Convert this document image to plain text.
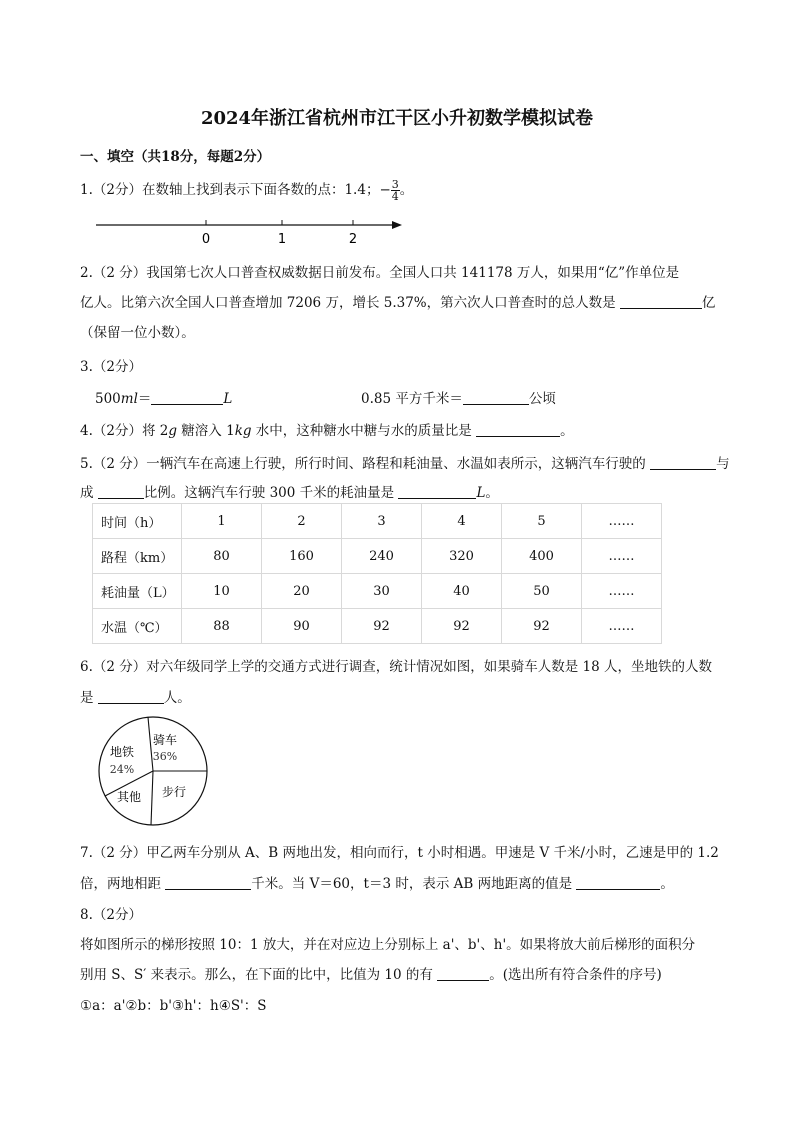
2024年浙江省杭州市江干区小升初数学模拟试卷
一、填空（共18分，每题2分）
1.（2分）在数轴上找到表示下面各数的点：1.4；− $\frac{3}{4}$ 。
0	1	2
2.（2 分）我国第七次人口普查权威数据日前发布。全国人口共 141178 万人，如果用“亿”作单位是
亿人。比第六次全国人口普查增加 7206 万，增长 5.37%，第六次人口普查时的总人数是	亿
（保留一位小数）。
3.（2分）
500ml＝	L	0.85 平方千米＝	公顷
4.（2分）将 2g 糖溶入 1kg 水中，这种糖水中糖与水的质量比是	。
5.（2 分）一辆汽车在高速上行驶，所行时间、路程和耗油量、水温如表所示，这辆汽车行驶的	与
成	比例。这辆汽车行驶 300 千米的耗油量是	L。
时间（h）	1	2	3	4	5	……
路程（km）	80	160	240	320	400	……
耗油量（L）	10	20	30	40	50	……
水温（℃）	88	90	92	92	92	……
6.（2 分）对六年级同学上学的交通方式进行调查，统计情况如图，如果骑车人数是 18 人，坐地铁的人数
是	人。
骑车
36%
地铁
24%
其他 步行
7.（2 分）甲乙两车分别从 A、B 两地出发，相向而行，t 小时相遇。甲速是 V 千米/小时，乙速是甲的 1.2
倍，两地相距	千米。当 V＝60，t＝3 时，表示 AB 两地距离的值是	。
8.（2分）
将如图所示的梯形按照 10：1 放大，并在对应边上分别标上 a'、b'、h'。如果将放大前后梯形的面积分
别用 S、S′ 来表示。那么，在下面的比中，比值为 10 的有	。(选出所有符合条件的序号)
①a：a'②b：b'③h'：h④S'：S
